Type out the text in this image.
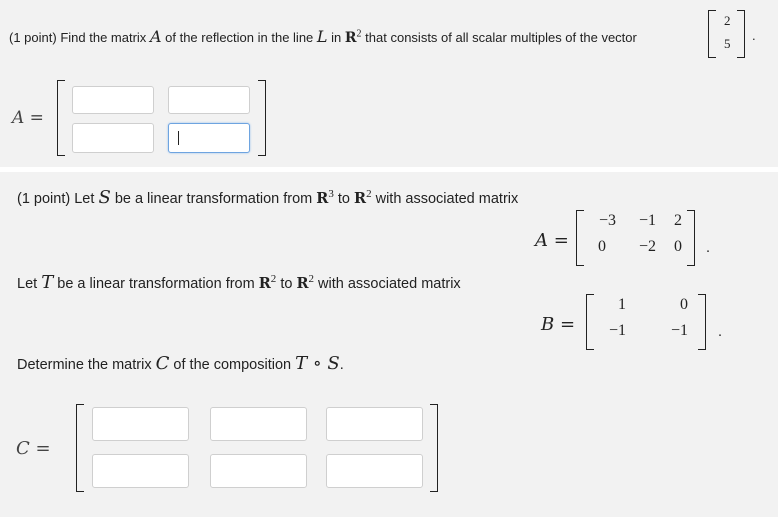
(1 point) Find the matrix A of the reflection in the line L in $R^2$ that consists of all scalar multiples of the vector
2
5
.
A =
(1 point) Let S be a linear transformation from $R^3$ to $R^2$ with associated matrix
A =
−3	−1	2
0	−2	0 .
Let T be a linear transformation from $R^2$ to $R^2$ with associated matrix
B =
1	0
−1	−1 .
Determine the matrix C of the composition T ∘ S.
C =
